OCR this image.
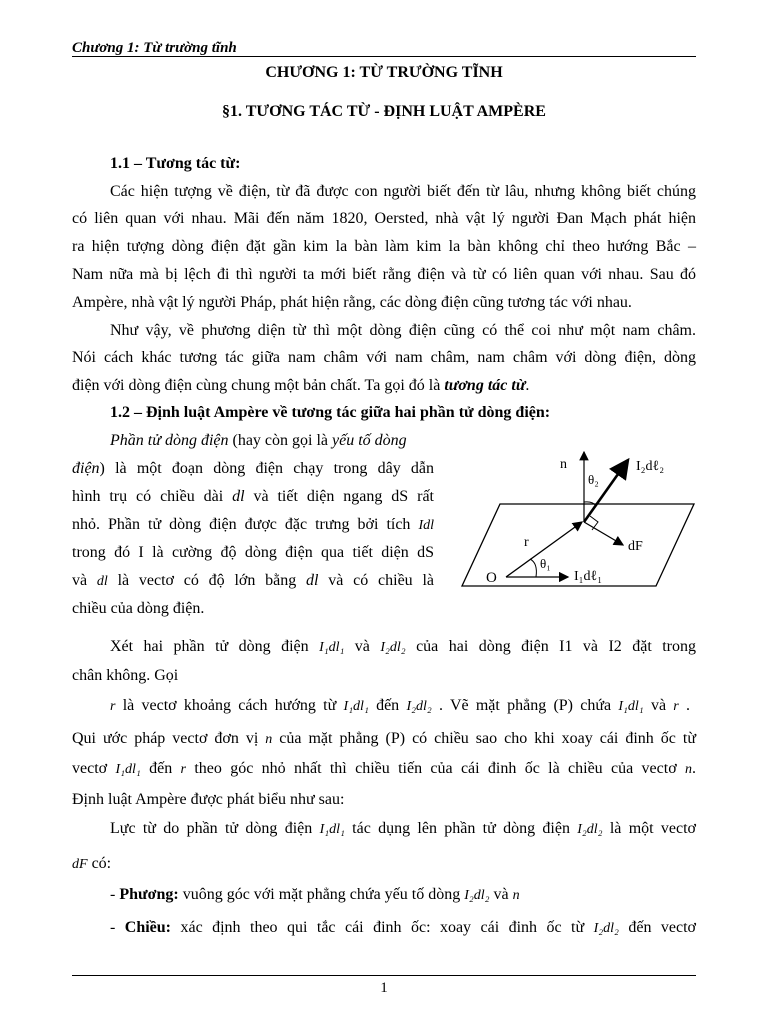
Chương 1: Từ trường tĩnh
CHƯƠNG 1: TỪ TRƯỜNG TĨNH
§1. TƯƠNG TÁC TỪ - ĐỊNH LUẬT AMPÈRE
1.1 – Tương tác từ:
Các hiện tượng về điện, từ đã được con người biết đến từ lâu, nhưng không biết chúng
có liên quan với nhau. Mãi đến năm 1820, Oersted, nhà vật lý người Đan Mạch phát hiện
ra hiện tượng dòng điện đặt gần kim la bàn làm kim la bàn không chỉ theo hướng Bắc –
Nam nữa mà bị lệch đi thì người ta mới biết rằng điện và từ có liên quan với nhau. Sau đó
Ampère, nhà vật lý người Pháp, phát hiện rằng, các dòng điện cũng tương tác với nhau.
Như vậy, về phương diện từ thì một dòng điện cũng có thể coi như một nam châm.
Nói cách khác tương tác giữa nam châm với nam châm, nam châm với dòng điện, dòng
điện với dòng điện cùng chung một bản chất. Ta gọi đó là tương tác từ.
1.2 – Định luật Ampère về tương tác giữa hai phần tử dòng điện:
Phần tử dòng điện (hay còn gọi là yếu tố dòng
điện) là một đoạn dòng điện chạy trong dây dẫn
hình trụ có chiều dài dl và tiết diện ngang dS rất
nhỏ. Phần tử dòng điện được đặc trưng bởi tích Idl
trong đó I là cường độ dòng điện qua tiết diện dS
và dl là vectơ có độ lớn bằng dl và có chiều là
chiều của dòng điện.
n
θ₂
I₂dℓ₂
r	dF
θ₁
O	I₁dℓ₁
Xét hai phần tử dòng điện I₁dl₁ và I₂dl₂ của hai dòng điện I1 và I2 đặt trong
chân không. Gọi
r là vectơ khoảng cách hướng từ I₁dl₁ đến I₂dl₂ . Vẽ mặt phẳng (P) chứa I₁dl₁ và r .
Qui ước pháp vectơ đơn vị n của mặt phẳng (P) có chiều sao cho khi xoay cái đinh ốc từ
vectơ I₁dl₁ đến r theo góc nhỏ nhất thì chiều tiến của cái đinh ốc là chiều của vectơ n.
Định luật Ampère được phát biểu như sau:
Lực từ do phần tử dòng điện I₁dl₁ tác dụng lên phần tử dòng điện I₂dl₂ là một vectơ
dF có:
- Phương: vuông góc với mặt phẳng chứa yếu tố dòng I₂dl₂ và n
- Chiều: xác định theo qui tắc cái đinh ốc: xoay cái đinh ốc từ I₂dl₂ đến vectơ
1
